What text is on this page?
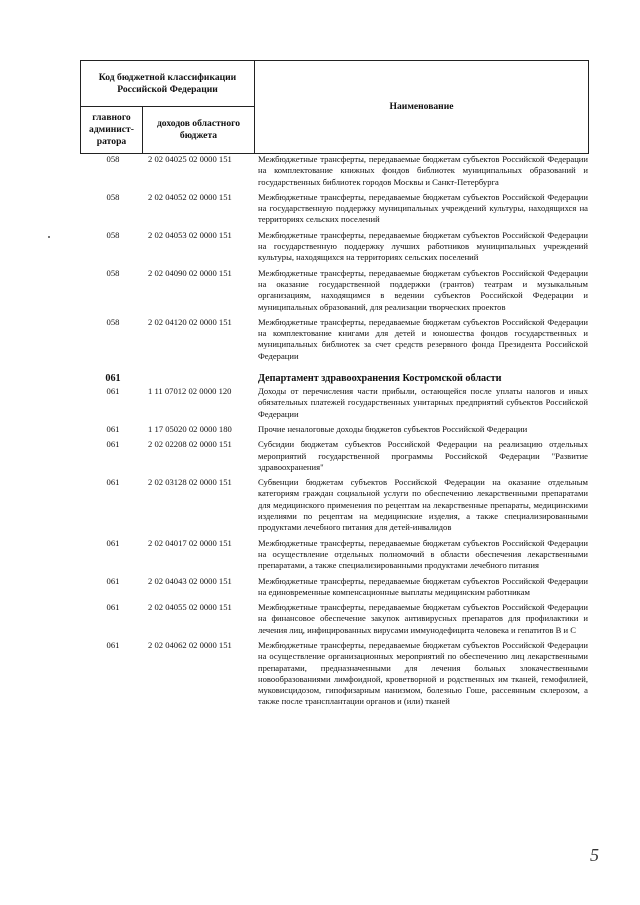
Код бюджетной классификации Российской Федерации		Наименование
главного админист-ратора	доходов областного бюджета	
058	2 02 04025 02 0000 151	Межбюджетные трансферты, передаваемые бюджетам субъектов Российской Федерации на комплектование книжных фондов библиотек муниципальных образований и государственных библиотек городов Москвы и Санкт-Петербурга
058	2 02 04052 02 0000 151	Межбюджетные трансферты, передаваемые бюджетам субъектов Российской Федерации на государственную поддержку муниципальных учреждений культуры, находящихся на территориях сельских поселений
058	2 02 04053 02 0000 151	Межбюджетные трансферты, передаваемые бюджетам субъектов Российской Федерации на государственную поддержку лучших работников муниципальных учреждений культуры, находящихся на территориях сельских поселений
058	2 02 04090 02 0000 151	Межбюджетные трансферты, передаваемые бюджетам субъектов Российской Федерации на оказание государственной поддержки (грантов) театрам и музыкальным организациям, находящимся в ведении субъектов Российской Федерации и муниципальных образований, для реализации творческих проектов
058	2 02 04120 02 0000 151	Межбюджетные трансферты, передаваемые бюджетам субъектов Российской Федерации на комплектование книгами для детей и юношества фондов государственных и муниципальных библиотек за счет средств резервного фонда Президента Российской Федерации
061	Департамент здравоохранения Костромской области
061	1 11 07012 02 0000 120	Доходы от перечисления части прибыли, остающейся после уплаты налогов и иных обязательных платежей государственных унитарных предприятий субъектов Российской Федерации
061	1 17 05020 02 0000 180	Прочие неналоговые доходы бюджетов субъектов Российской Федерации
061	2 02 02208 02 0000 151	Субсидии бюджетам субъектов Российской Федерации на реализацию отдельных мероприятий государственной программы Российской Федерации "Развитие здравоохранения"
061	2 02 03128 02 0000 151	Субвенции бюджетам субъектов Российской Федерации на оказание отдельным категориям граждан социальной услуги по обеспечению лекарственными препаратами для медицинского применения по рецептам на лекарственные препараты, медицинскими изделиями по рецептам на медицинские изделия, а также специализированными продуктами лечебного питания для детей-инвалидов
061	2 02 04017 02 0000 151	Межбюджетные трансферты, передаваемые бюджетам субъектов Российской Федерации на осуществление отдельных полномочий в области обеспечения лекарственными препаратами, а также специализированными продуктами лечебного питания
061	2 02 04043 02 0000 151	Межбюджетные трансферты, передаваемые бюджетам субъектов Российской Федерации на единовременные компенсационные выплаты медицинским работникам
061	2 02 04055 02 0000 151	Межбюджетные трансферты, передаваемые бюджетам субъектов Российской Федерации на финансовое обеспечение закупок антивирусных препаратов для профилактики и лечения лиц, инфицированных вирусами иммунодефицита человека и гепатитов В и С
061	2 02 04062 02 0000 151	Межбюджетные трансферты, передаваемые бюджетам субъектов Российской Федерации на осуществление организационных мероприятий по обеспечению лиц лекарственными препаратами, предназначенными для лечения больных злокачественными новообразованиями лимфоидной, кроветворной и родственных им тканей, гемофилией, муковисцидозом, гипофизарным нанизмом, болезнью Гоше, рассеянным склерозом, а также после трансплантации органов и (или) тканей
5
